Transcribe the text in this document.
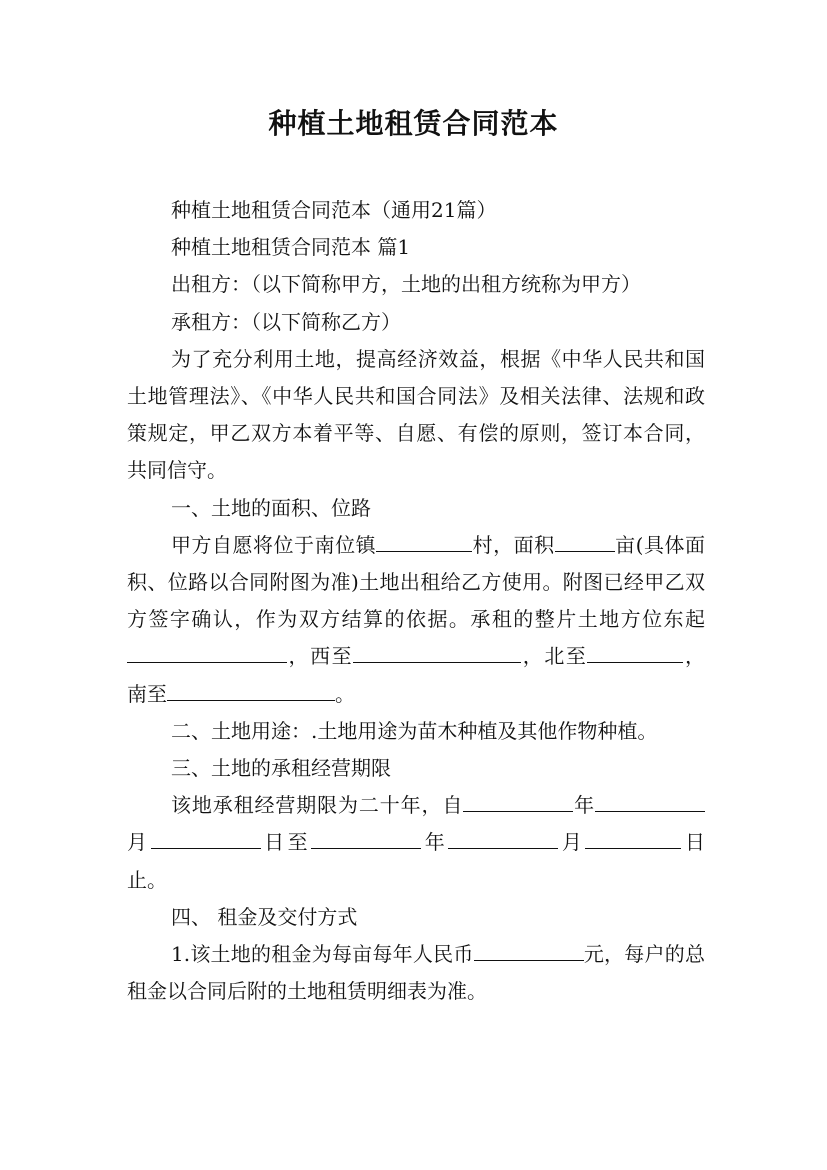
种植土地租赁合同范本

种植土地租赁合同范本（通用21篇）

种植土地租赁合同范本 篇1

出租方：（以下简称甲方，土地的出租方统称为甲方）

承租方：（以下简称乙方）

为了充分利用土地，提高经济效益，根据《中华人民共和国土地管理法》、《中华人民共和国合同法》及相关法律、法规和政策规定，甲乙双方本着平等、自愿、有偿的原则，签订本合同，共同信守。

一、土地的面积、位路

甲方自愿将位于南位镇	村，面积	亩(具体面积、位路以合同附图为准)土地出租给乙方使用。附图已经甲乙双方签字确认，作为双方结算的依据。承租的整片土地方位东起，西至	，北至	，南至	。

二、土地用途：.土地用途为苗木种植及其他作物种植。

三、土地的承租经营期限

该地承租经营期限为二十年，自	年月	日至	年	月	日止。

四、 租金及交付方式

1.该土地的租金为每亩每年人民币	元，每户的总租金以合同后附的土地租赁明细表为准。
